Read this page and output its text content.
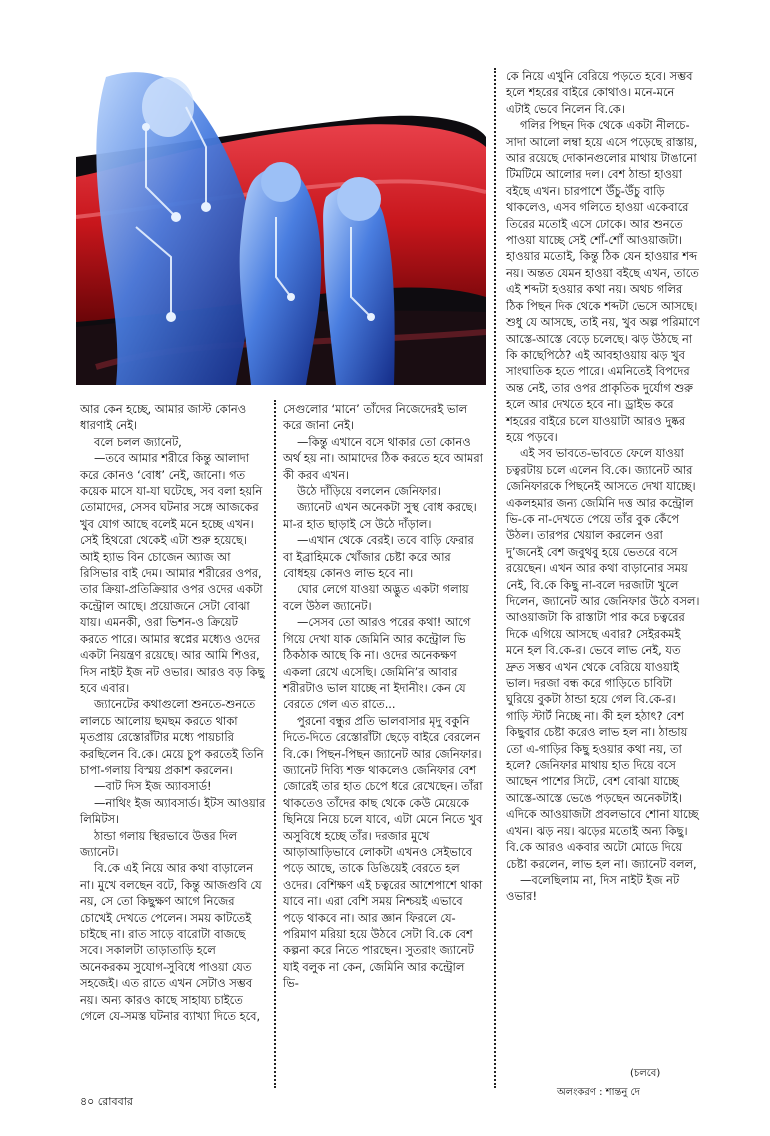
আর কেন হচ্ছে, আমার জাস্ট কোনও ধারণাই নেই।

বলে চলল জ্যানেট,

—তবে আমার শরীরে কিন্তু আলাদা করে কোনও ‘বোধ’ নেই, জানো। গত কয়েক মাসে যা-যা ঘটেছে, সব বলা হয়নি তোমাদের, সেসব ঘটনার সঙ্গে আজকের খুব যোগ আছে বলেই মনে হচ্ছে এখন। সেই হিথরো থেকেই এটা শুরু হয়েছে। আই হ্যাভ বিন চোজেন অ্যাজ আ রিসিভার বাই দেম। আমার শরীরের ওপর, তার ক্রিয়া-প্রতিক্রিয়ার ওপর ওদের একটা কন্ট্রোল আছে। প্রয়োজনে সেটা বোঝা যায়। এমনকী, ওরা ভিশন-ও ক্রিয়েট করতে পারে। আমার স্বপ্নের মধ্যেও ওদের একটা নিয়ন্ত্রণ রয়েছে। আর আমি শিওর, দিস নাইট ইজ নট ওভার। আরও বড় কিছু হবে এবার।

জ্যানেটের কথাগুলো শুনতে-শুনতে লালচে আলোয় ছমছম করতে থাকা মৃতপ্রায় রেস্তোরাঁটার মধ্যে পায়চারি করছিলেন বি.কে। মেয়ে চুপ করতেই তিনি চাপা-গলায় বিস্ময় প্রকাশ করলেন।

—বাট দিস ইজ অ্যাবসার্ড!

—নাথিং ইজ অ্যাবসার্ড। ইটস আওয়ার লিমিটস।

ঠান্ডা গলায় স্থিরভাবে উত্তর দিল জ্যানেট।

বি.কে এই নিয়ে আর কথা বাড়ালেন না। মুখে বলছেন বটে, কিন্তু আজগুবি যে নয়, সে তো কিছুক্ষণ আগে নিজের চোখেই দেখতে পেলেন। সময় কাটতেই চাইছে না। রাত সাড়ে বারোটা বাজছে সবে। সকালটা তাড়াতাড়ি হলে অনেকরকম সুযোগ-সুবিধে পাওয়া যেত সহজেই। এত রাতে এখন সেটাও সম্ভব নয়। অন্য কারও কাছে সাহায্য চাইতে গেলে যে-সমস্ত ঘটনার ব্যাখ্যা দিতে হবে,

সেগুলোর ‘মানে’ তাঁদের নিজেদেরই ভাল করে জানা নেই।

—কিন্তু এখানে বসে থাকার তো কোনও অর্থ হয় না। আমাদের ঠিক করতে হবে আমরা কী করব এখন।

উঠে দাঁড়িয়ে বললেন জেনিফার।

জ্যানেট এখন অনেকটা সুস্থ বোধ করছে। মা-র হাত ছাড়াই সে উঠে দাঁড়াল।

—এখান থেকে বেরই। তবে বাড়ি ফেরার বা ইব্রাহিমকে খোঁজার চেষ্টা করে আর বোধহয় কোনও লাভ হবে না।

ঘোর লেগে যাওয়া অদ্ভুত একটা গলায় বলে উঠল জ্যানেট।

—সেসব তো আরও পরের কথা! আগে গিয়ে দেখা যাক জেমিনি আর কন্ট্রোল ভি ঠিকঠাক আছে কি না। ওদের অনেকক্ষণ একলা রেখে এসেছি। জেমিনি’র আবার শরীরটাও ভাল যাচ্ছে না ইদানীং। কেন যে বেরতে গেল এত রাতে...

পুরনো বন্ধুর প্রতি ভালবাসার মৃদু বকুনি দিতে-দিতে রেস্তোরাঁটা ছেড়ে বাইরে বেরলেন বি.কে। পিছন-পিছন জ্যানেট আর জেনিফার। জ্যানেট দিব্যি শক্ত থাকলেও জেনিফার বেশ জোরেই তার হাত চেপে ধরে রেখেছেন। তাঁরা থাকতেও তাঁদের কাছ থেকে কেউ মেয়েকে ছিনিয়ে নিয়ে চলে যাবে, এটা মেনে নিতে খুব অসুবিধে হচ্ছে তাঁর। দরজার মুখে আড়াআড়িভাবে লোকটা এখনও সেইভাবে পড়ে আছে, তাকে ডিঙিয়েই বেরতে হল ওদের। বেশিক্ষণ এই চত্বরের আশেপাশে থাকা যাবে না। এরা বেশি সময় নিশ্চয়ই এভাবে পড়ে থাকবে না। আর জ্ঞান ফিরলে যে-পরিমাণ মরিয়া হয়ে উঠবে সেটা বি.কে বেশ কল্পনা করে নিতে পারছেন। সুতরাং জ্যানেট যাই বলুক না কেন, জেমিনি আর কন্ট্রোল ভি-

কে নিয়ে এখুনি বেরিয়ে পড়তে হবে। সম্ভব হলে শহরের বাইরে কোথাও। মনে-মনে এটাই ভেবে নিলেন বি.কে।

গলির পিছন দিক থেকে একটা নীলচে-সাদা আলো লম্বা হয়ে এসে পড়েছে রাস্তায়, আর রয়েছে দোকানগুলোর মাথায় টাঙানো টিমটিমে আলোর দল। বেশ ঠান্ডা হাওয়া বইছে এখন। চারপাশে উঁচু-উঁচু বাড়ি থাকলেও, এসব গলিতে হাওয়া একেবারে তিরের মতোই এসে ঢোকে। আর শুনতে পাওয়া যাচ্ছে সেই শোঁ-শোঁ আওয়াজটা। হাওয়ার মতোই, কিন্তু ঠিক যেন হাওয়ার শব্দ নয়। অন্তত যেমন হাওয়া বইছে এখন, তাতে এই শব্দটা হওয়ার কথা নয়। অথচ গলির ঠিক পিছন দিক থেকে শব্দটা ভেসে আসছে। শুধু যে আসছে, তাই নয়, খুব অল্প পরিমাণে আস্তে-আস্তে বেড়ে চলেছে। ঝড় উঠছে না কি কাছেপিঠে? এই আবহাওয়ায় ঝড় খুব সাংঘাতিক হতে পারে। এমনিতেই বিপদের অন্ত নেই, তার ওপর প্রাকৃতিক দুর্যোগ শুরু হলে আর দেখতে হবে না। ড্রাইভ করে শহরের বাইরে চলে যাওয়াটা আরও দুষ্কর হয়ে পড়বে।

এই সব ভাবতে-ভাবতে ফেলে যাওয়া চত্বরটায় চলে এলেন বি.কে। জ্যানেট আর জেনিফারকে পিছনেই আসতে দেখা যাচ্ছে। একলহমার জন্য জেমিনি দত্ত আর কন্ট্রোল ভি-কে না-দেখতে পেয়ে তাঁর বুক কেঁপে উঠল। তারপর খেয়াল করলেন ওরা দু’জনেই বেশ জবুথবু হয়ে ভেতরে বসে রয়েছেন। এখন আর কথা বাড়ানোর সময় নেই, বি.কে কিছু না-বলে দরজাটা খুলে দিলেন, জ্যানেট আর জেনিফার উঠে বসল। আওয়াজটা কি রাস্তাটা পার করে চত্বরের দিকে এগিয়ে আসছে এবার? সেইরকমই মনে হল বি.কে-র। ভেবে লাভ নেই, যত দ্রুত সম্ভব এখন থেকে বেরিয়ে যাওয়াই ভাল। দরজা বন্ধ করে গাড়িতে চাবিটা ঘুরিয়ে বুকটা ঠান্ডা হয়ে গেল বি.কে-র। গাড়ি স্টার্ট নিচ্ছে না। কী হল হঠাৎ? বেশ কিছুবার চেষ্টা করেও লাভ হল না। ঠান্ডায় তো এ-গাড়ির কিছু হওয়ার কথা নয়, তা হলে? জেনিফার মাথায় হাত দিয়ে বসে আছেন পাশের সিটে, বেশ বোঝা যাচ্ছে আস্তে-আস্তে ভেঙে পড়ছেন অনেকটাই। এদিকে আওয়াজটা প্রবলভাবে শোনা যাচ্ছে এখন। ঝড় নয়। ঝড়ের মতোই অন্য কিছু। বি.কে আরও একবার অটো মোডে দিয়ে চেষ্টা করলেন, লাভ হল না। জ্যানেট বলল,

—বলেছিলাম না, দিস নাইট ইজ নট ওভার!

(চলবে)
অলংকরণ : শান্তনু দে
৪০ রোববার
